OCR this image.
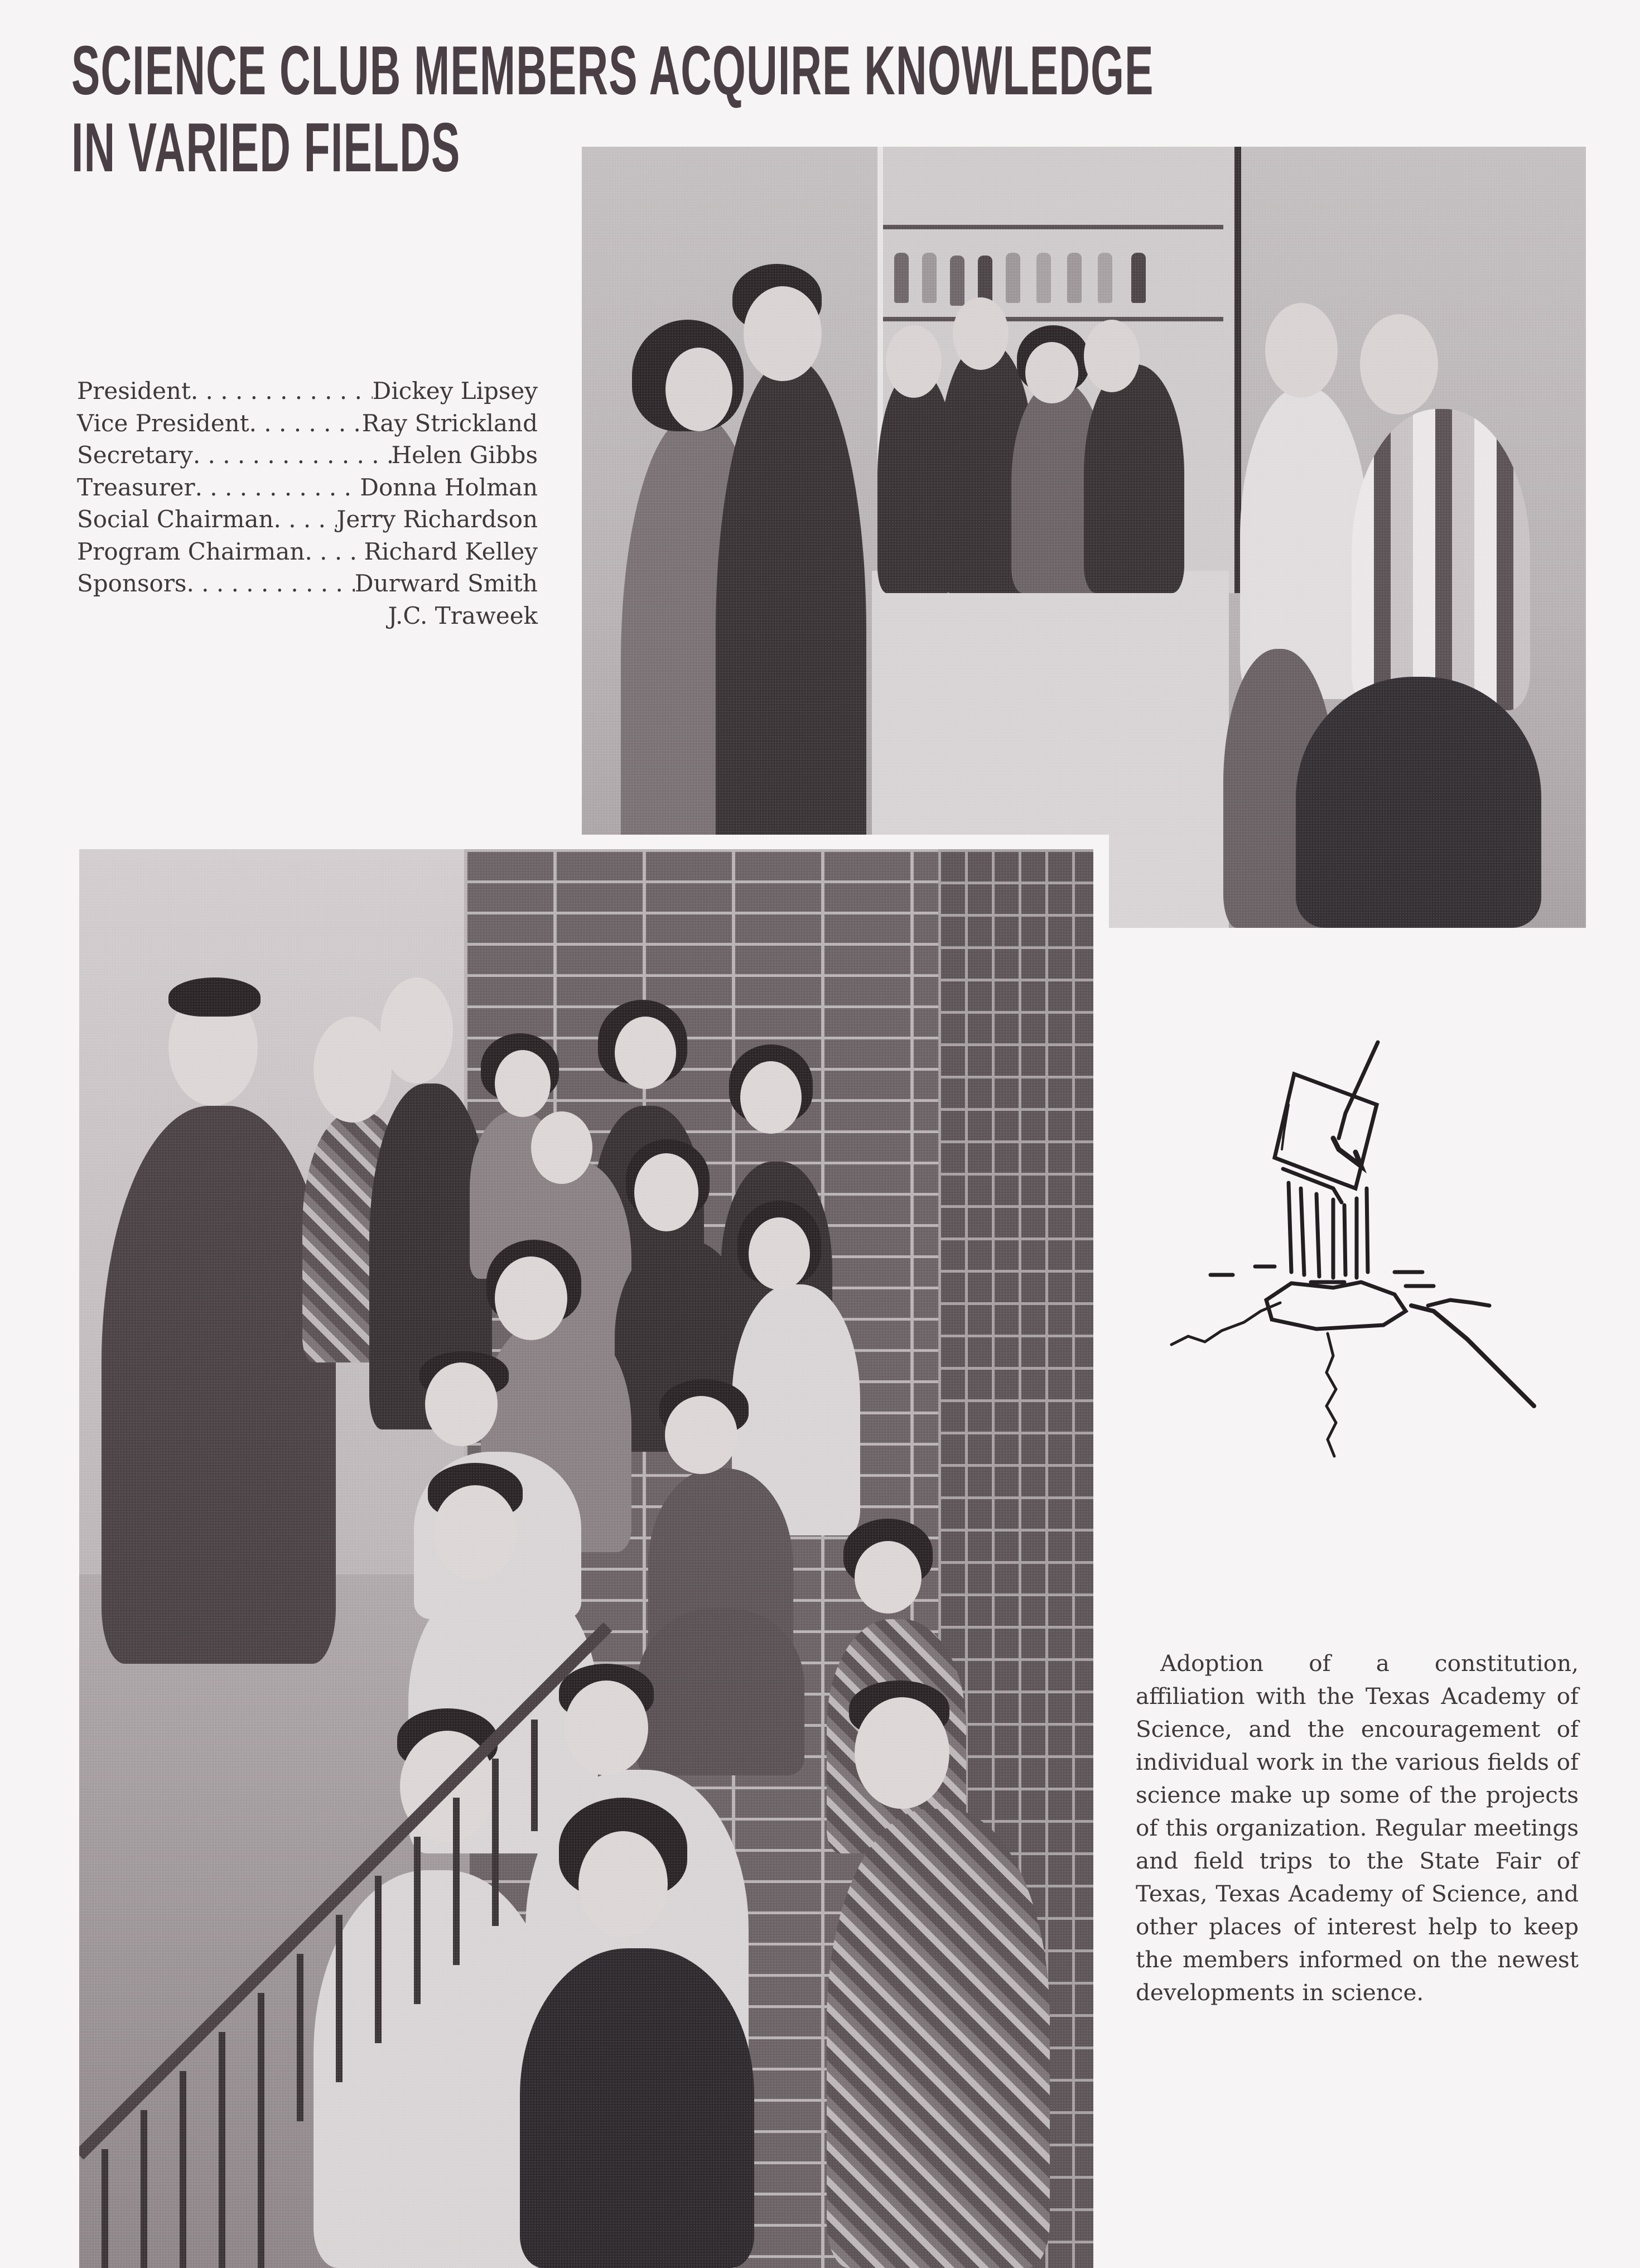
SCIENCE CLUB MEMBERS ACQUIRE KNOWLEDGE
IN VARIED FIELDS
President . . .	Dickey Lipsey
Vice President . . .	Ray Strickland
Secretary . . .	Helen Gibbs
Treasurer . . .	Donna Holman
Social Chairman . . .	Jerry Richardson
Program Chairman . . .	Richard Kelley
Sponsors . . .	Durward Smith
J.C. Traweek

Adoption of a constitution, affiliation with the Texas Academy of Science, and the encouragement of individual work in the various fields of science make up some of the projects of this organization. Regular meetings and field trips to the State Fair of Texas, Texas Academy of Science, and other places of interest help to keep the members informed on the newest developments in science.
